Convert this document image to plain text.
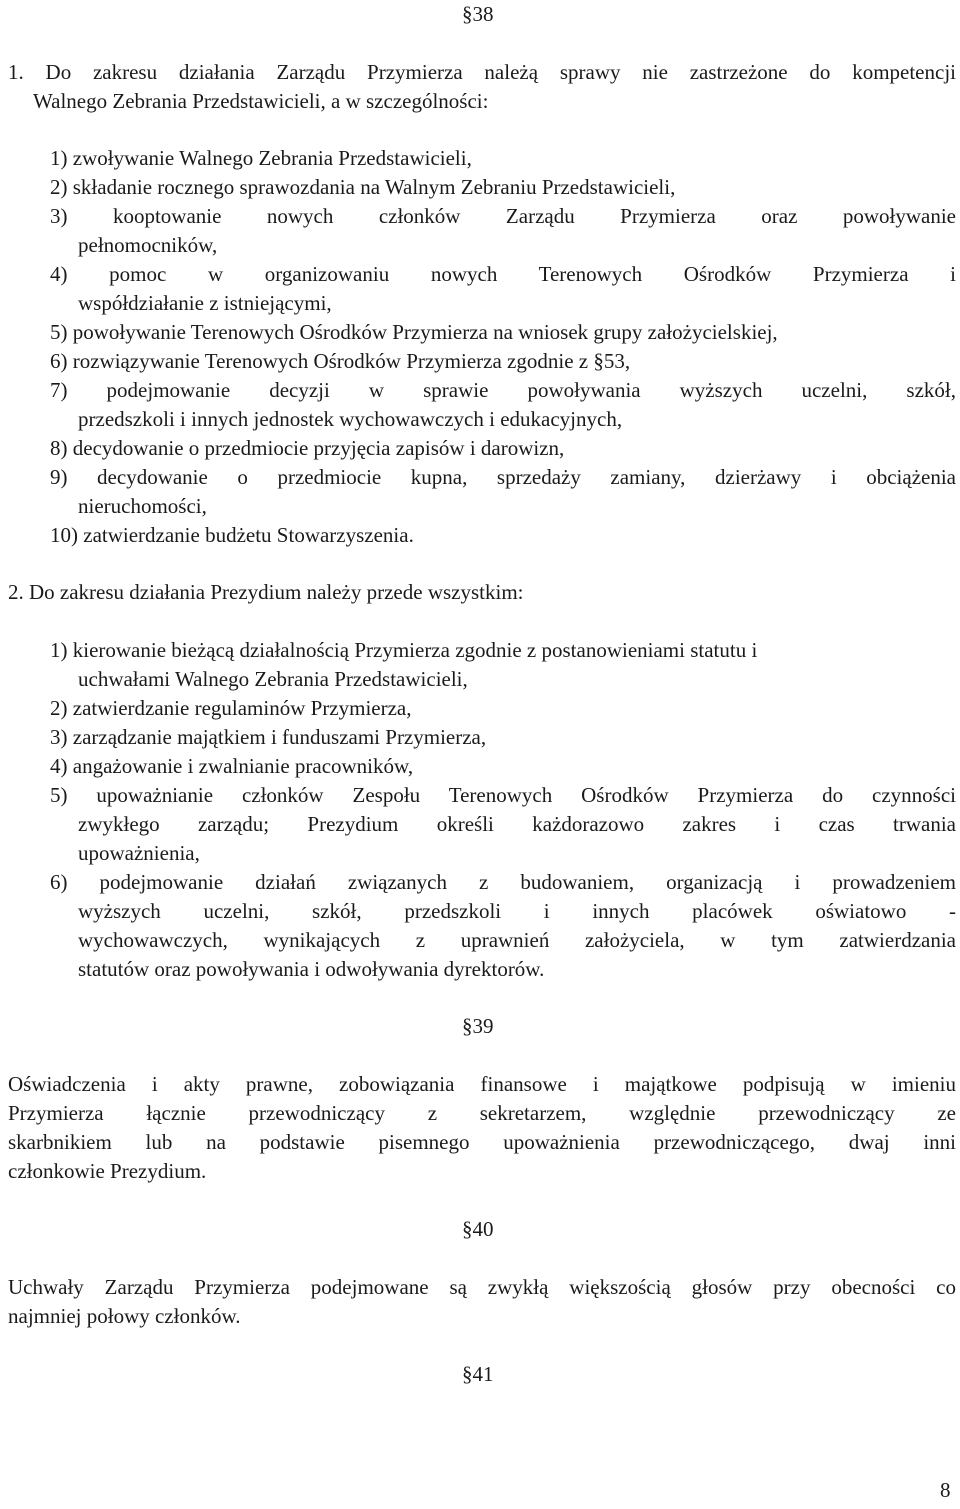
§38
1. Do zakresu działania Zarządu Przymierza należą sprawy nie zastrzeżone do kompetencji
Walnego Zebrania Przedstawicieli, a w szczególności:
1) zwoływanie Walnego Zebrania Przedstawicieli,
2) składanie rocznego sprawozdania na Walnym Zebraniu Przedstawicieli,
3) kooptowanie nowych członków Zarządu Przymierza oraz powoływanie
pełnomocników,
4) pomoc w organizowaniu nowych Terenowych Ośrodków Przymierza i
współdziałanie z istniejącymi,
5) powoływanie Terenowych Ośrodków Przymierza na wniosek grupy założycielskiej,
6) rozwiązywanie Terenowych Ośrodków Przymierza zgodnie z §53,
7) podejmowanie decyzji w sprawie powoływania wyższych uczelni, szkół,
przedszkoli i innych jednostek wychowawczych i edukacyjnych,
8) decydowanie o przedmiocie przyjęcia zapisów i darowizn,
9) decydowanie o przedmiocie kupna, sprzedaży zamiany, dzierżawy i obciążenia
nieruchomości,
10) zatwierdzanie budżetu Stowarzyszenia.
2. Do zakresu działania Prezydium należy przede wszystkim:
1) kierowanie bieżącą działalnością Przymierza zgodnie z postanowieniami statutu i
uchwałami Walnego Zebrania Przedstawicieli,
2) zatwierdzanie regulaminów Przymierza,
3) zarządzanie majątkiem i funduszami Przymierza,
4) angażowanie i zwalnianie pracowników,
5) upoważnianie członków Zespołu Terenowych Ośrodków Przymierza do czynności
zwykłego zarządu; Prezydium określi każdorazowo zakres i czas trwania
upoważnienia,
6) podejmowanie działań związanych z budowaniem, organizacją i prowadzeniem
wyższych uczelni, szkół, przedszkoli i innych placówek oświatowo -
wychowawczych, wynikających z uprawnień założyciela, w tym zatwierdzania
statutów oraz powoływania i odwoływania dyrektorów.
§39
Oświadczenia i akty prawne, zobowiązania finansowe i majątkowe podpisują w imieniu
Przymierza łącznie przewodniczący z sekretarzem, względnie przewodniczący ze
skarbnikiem lub na podstawie pisemnego upoważnienia przewodniczącego, dwaj inni
członkowie Prezydium.
§40
Uchwały Zarządu Przymierza podejmowane są zwykłą większością głosów przy obecności co
najmniej połowy członków.
§41
8
